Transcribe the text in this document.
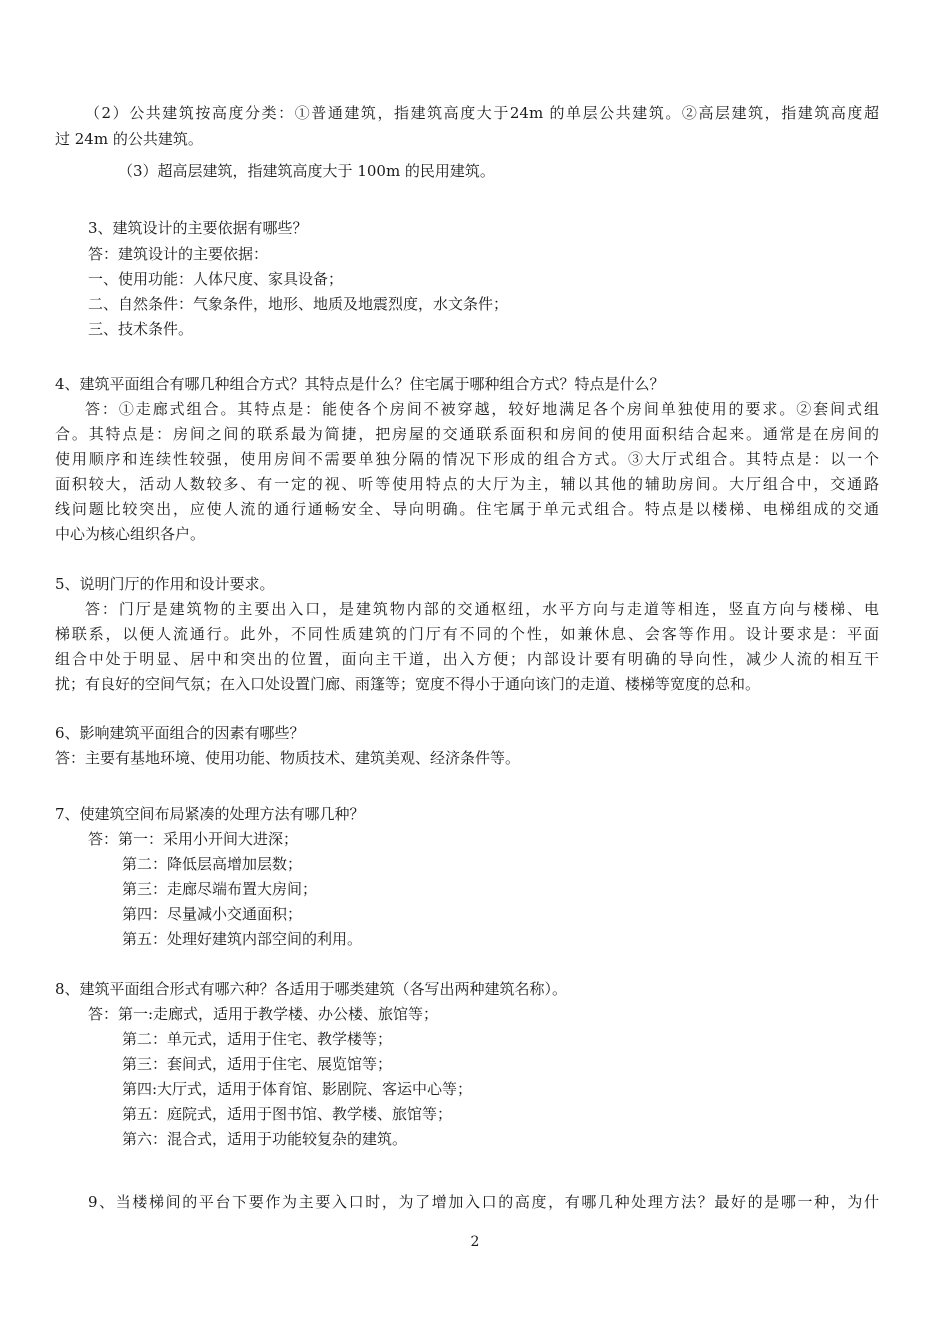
（2）公共建筑按高度分类：①普通建筑，指建筑高度大于24m 的单层公共建筑。②高层建筑，指建筑高度超
过 24m 的公共建筑。
（3）超高层建筑，指建筑高度大于 100m 的民用建筑。
3、建筑设计的主要依据有哪些？
答：建筑设计的主要依据：
一、使用功能：人体尺度、家具设备；
二、自然条件：气象条件，地形、地质及地震烈度，水文条件；
三、技术条件。
4、建筑平面组合有哪几种组合方式？其特点是什么？住宅属于哪种组合方式？特点是什么？
答：①走廊式组合。其特点是：能使各个房间不被穿越，较好地满足各个房间单独使用的要求。②套间式组
合。其特点是：房间之间的联系最为简捷，把房屋的交通联系面积和房间的使用面积结合起来。通常是在房间的
使用顺序和连续性较强，使用房间不需要单独分隔的情况下形成的组合方式。③大厅式组合。其特点是：以一个
面积较大，活动人数较多、有一定的视、听等使用特点的大厅为主，辅以其他的辅助房间。大厅组合中，交通路
线问题比较突出，应使人流的通行通畅安全、导向明确。住宅属于单元式组合。特点是以楼梯、电梯组成的交通
中心为核心组织各户。
5、说明门厅的作用和设计要求。
答：门厅是建筑物的主要出入口，是建筑物内部的交通枢纽，水平方向与走道等相连，竖直方向与楼梯、电
梯联系，以便人流通行。此外，不同性质建筑的门厅有不同的个性，如兼休息、会客等作用。设计要求是：平面
组合中处于明显、居中和突出的位置，面向主干道，出入方便；内部设计要有明确的导向性，减少人流的相互干
扰；有良好的空间气氛；在入口处设置门廊、雨篷等；宽度不得小于通向该门的走道、楼梯等宽度的总和。
6、影响建筑平面组合的因素有哪些？
答：主要有基地环境、使用功能、物质技术、建筑美观、经济条件等。
7、使建筑空间布局紧凑的处理方法有哪几种？
答：第一：采用小开间大进深；
第二：降低层高增加层数；
第三：走廊尽端布置大房间；
第四：尽量减小交通面积；
第五：处理好建筑内部空间的利用。
8、建筑平面组合形式有哪六种？各适用于哪类建筑（各写出两种建筑名称）。
答：第一:走廊式，适用于教学楼、办公楼、旅馆等；
第二：单元式，适用于住宅、教学楼等；
第三：套间式，适用于住宅、展览馆等；
第四:大厅式，适用于体育馆、影剧院、客运中心等；
第五：庭院式，适用于图书馆、教学楼、旅馆等；
第六：混合式，适用于功能较复杂的建筑。
9、当楼梯间的平台下要作为主要入口时，为了增加入口的高度，有哪几种处理方法？最好的是哪一种，为什
2
